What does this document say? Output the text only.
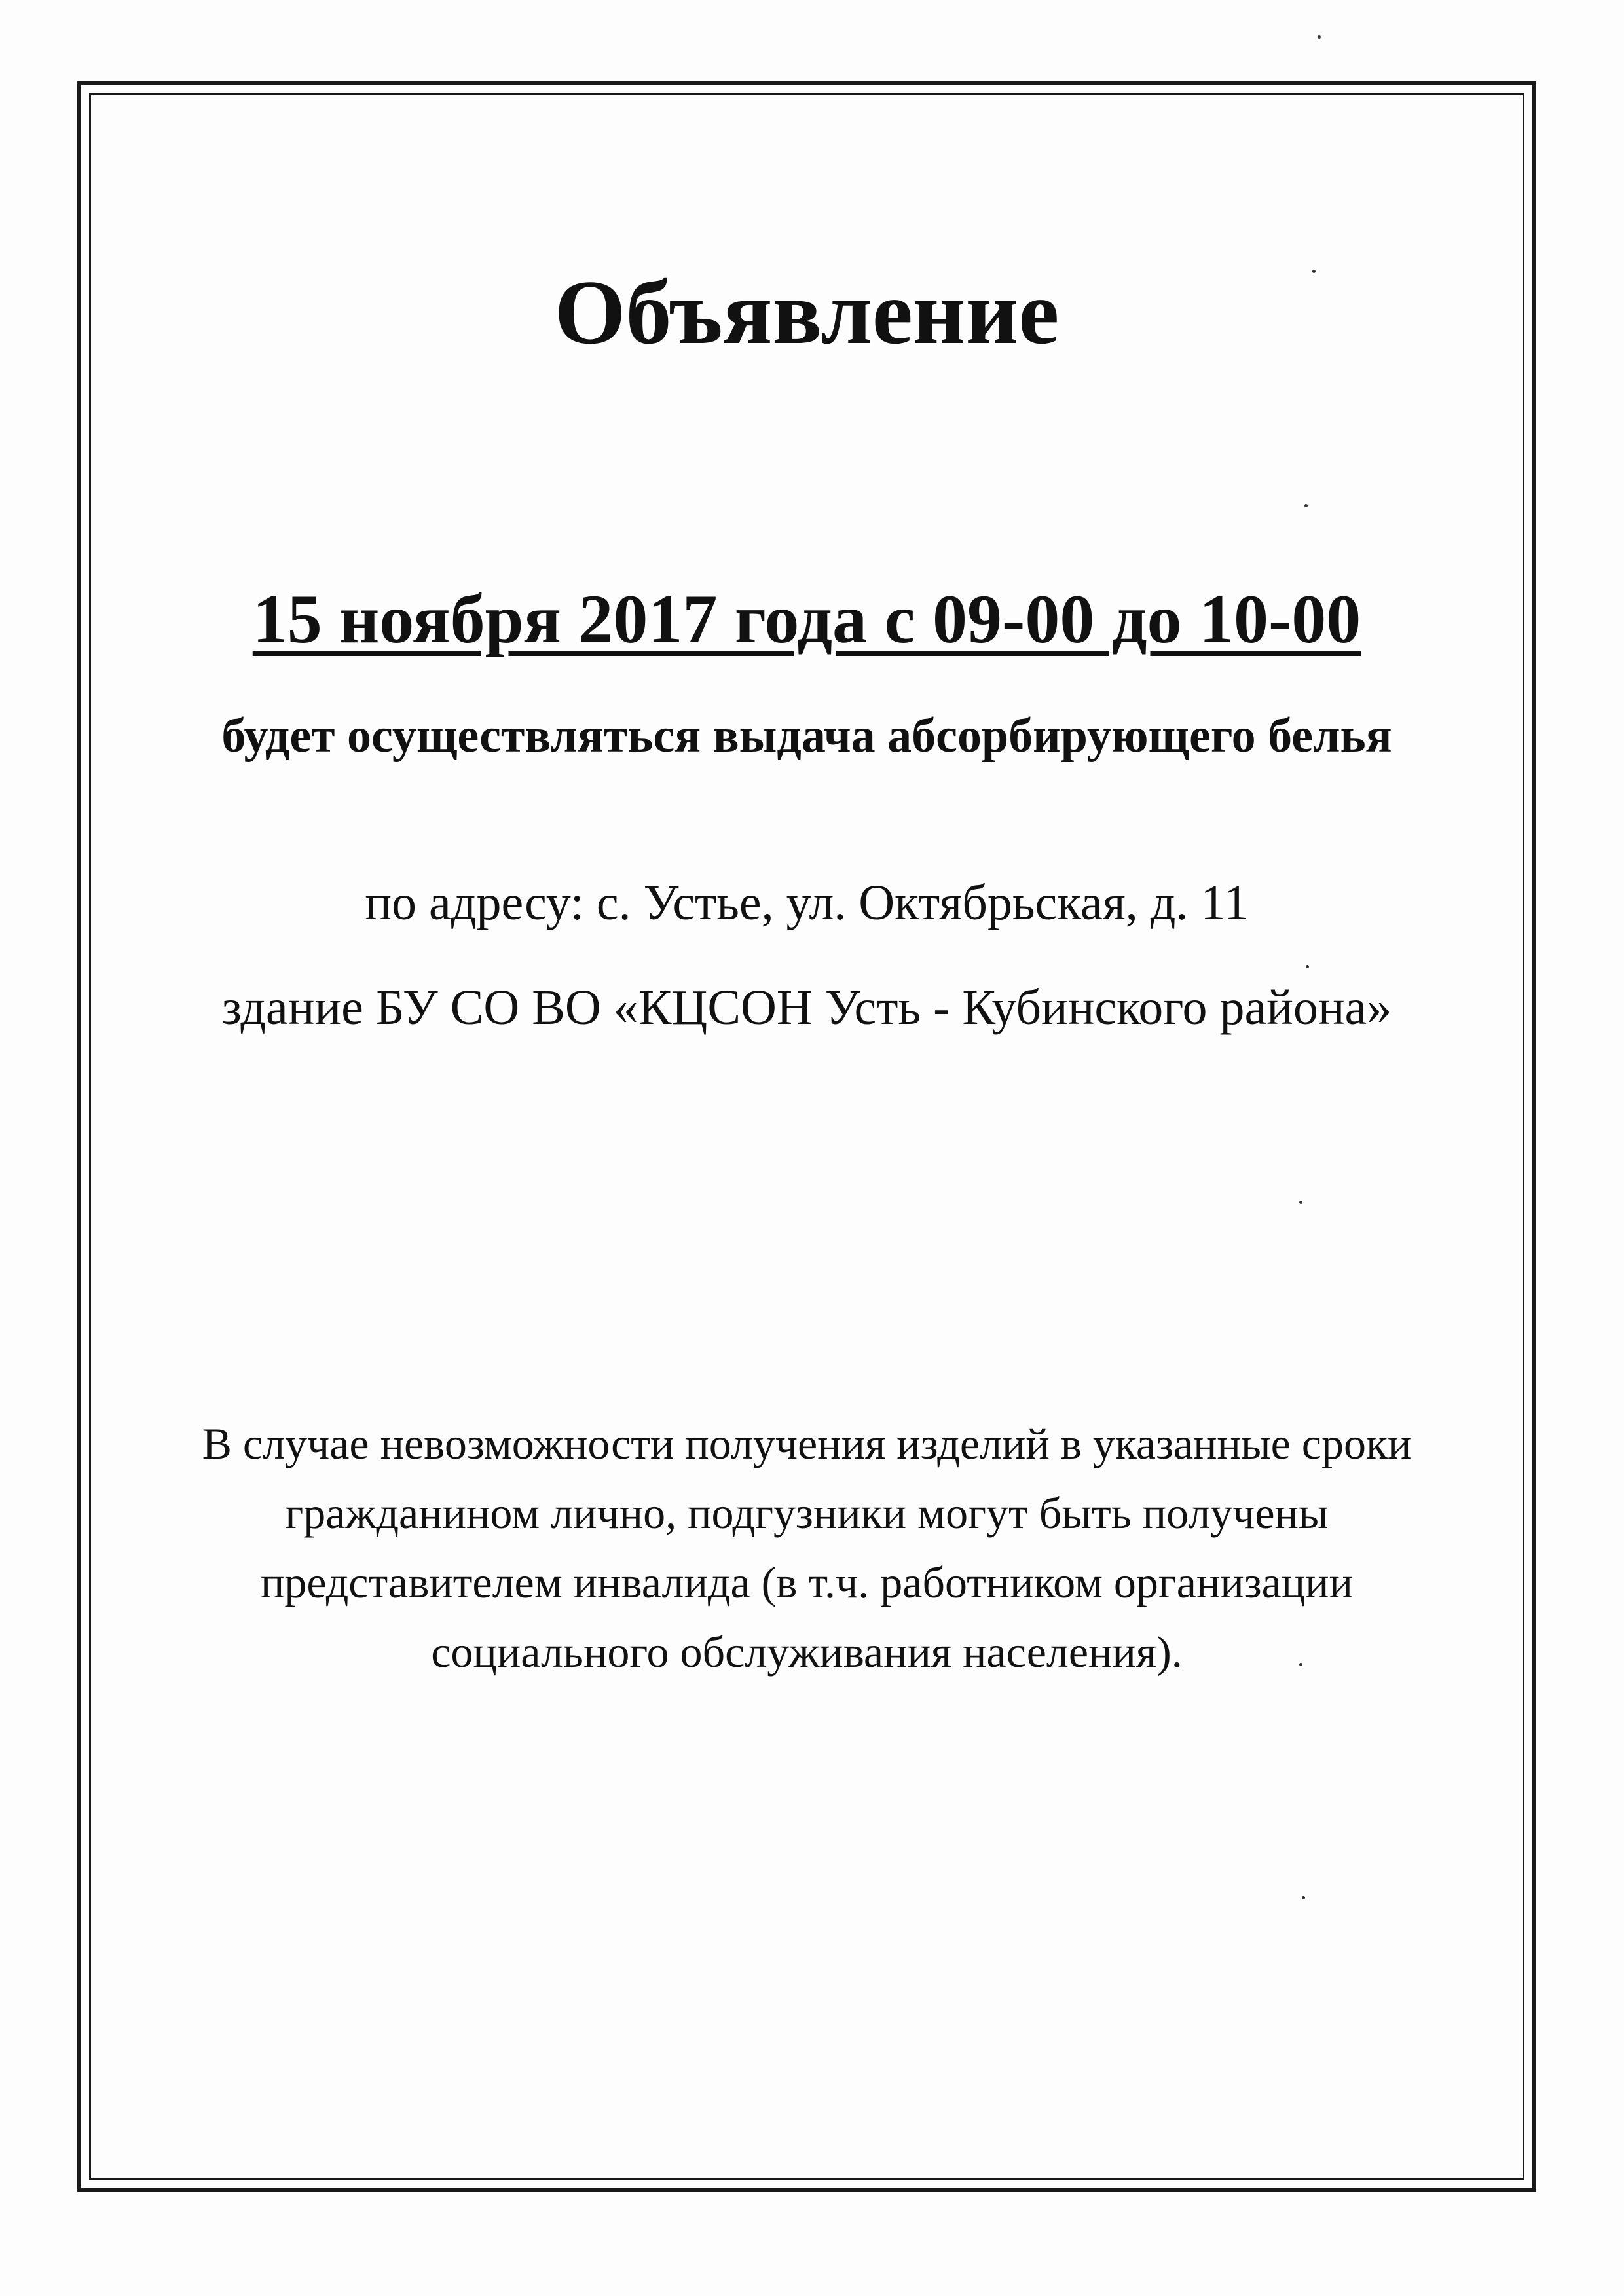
Объявление
15 ноября 2017 года с 09-00 до 10-00
будет осуществляться выдача абсорбирующего белья
по адресу: с. Устье, ул. Октябрьская, д. 11
здание БУ СО ВО «КЦСОН Усть - Кубинского района»
В случае невозможности получения изделий в указанные сроки гражданином лично, подгузники могут быть получены представителем инвалида (в т.ч. работником организации социального обслуживания населения).
